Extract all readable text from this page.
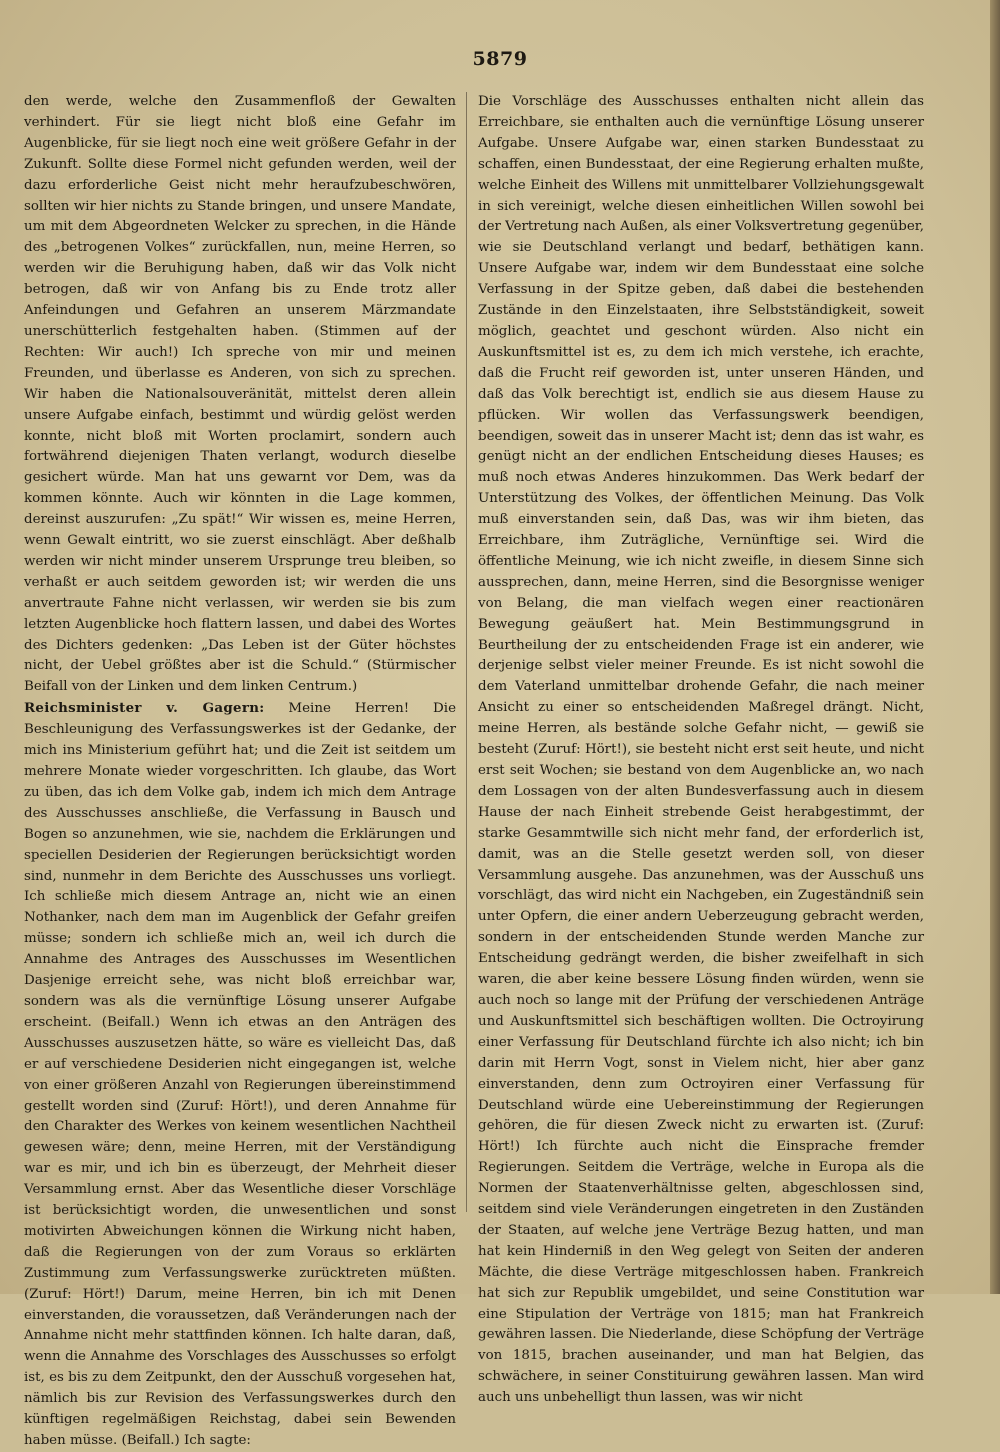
5879

den werde, welche den Zusammenfloß der Gewalten verhindert. Für sie liegt nicht bloß eine Gefahr im Augenblicke, für sie liegt noch eine weit größere Gefahr in der Zukunft. Sollte diese Formel nicht gefunden werden, weil der dazu erforderliche Geist nicht mehr heraufzubeschwören, sollten wir hier nichts zu Stande bringen, und unsere Mandate, um mit dem Abgeordneten Welcker zu sprechen, in die Hände des „betrogenen Volkes“ zurückfallen, nun, meine Herren, so werden wir die Beruhigung haben, daß wir das Volk nicht betrogen, daß wir von Anfang bis zu Ende trotz aller Anfeindungen und Gefahren an unserem Märzmandate unerschütterlich festgehalten haben. (Stimmen auf der Rechten: Wir auch!) Ich spreche von mir und meinen Freunden, und überlasse es Anderen, von sich zu sprechen. Wir haben die Nationalsouveränität, mittelst deren allein unsere Aufgabe einfach, bestimmt und würdig gelöst werden konnte, nicht bloß mit Worten proclamirt, sondern auch fortwährend diejenigen Thaten verlangt, wodurch dieselbe gesichert würde. Man hat uns gewarnt vor Dem, was da kommen könnte. Auch wir könnten in die Lage kommen, dereinst auszurufen: „Zu spät!“ Wir wissen es, meine Herren, wenn Gewalt eintritt, wo sie zuerst einschlägt. Aber deßhalb werden wir nicht minder unserem Ursprunge treu bleiben, so verhaßt er auch seitdem geworden ist; wir werden die uns anvertraute Fahne nicht verlassen, wir werden sie bis zum letzten Augenblicke hoch flattern lassen, und dabei des Wortes des Dichters gedenken: „Das Leben ist der Güter höchstes nicht, der Uebel größtes aber ist die Schuld.“ (Stürmischer Beifall von der Linken und dem linken Centrum.)

Reichsminister v. Gagern: Meine Herren! Die Beschleunigung des Verfassungswerkes ist der Gedanke, der mich ins Ministerium geführt hat; und die Zeit ist seitdem um mehrere Monate wieder vorgeschritten. Ich glaube, das Wort zu üben, das ich dem Volke gab, indem ich mich dem Antrage des Ausschusses anschließe, die Verfassung in Bausch und Bogen so anzunehmen, wie sie, nachdem die Erklärungen und speciellen Desiderien der Regierungen berücksichtigt worden sind, nunmehr in dem Berichte des Ausschusses uns vorliegt. Ich schließe mich diesem Antrage an, nicht wie an einen Nothanker, nach dem man im Augenblick der Gefahr greifen müsse; sondern ich schließe mich an, weil ich durch die Annahme des Antrages des Ausschusses im Wesentlichen Dasjenige erreicht sehe, was nicht bloß erreichbar war, sondern was als die vernünftige Lösung unserer Aufgabe erscheint. (Beifall.) Wenn ich etwas an den Anträgen des Ausschusses auszusetzen hätte, so wäre es vielleicht Das, daß er auf verschiedene Desiderien nicht eingegangen ist, welche von einer größeren Anzahl von Regierungen übereinstimmend gestellt worden sind (Zuruf: Hört!), und deren Annahme für den Charakter des Werkes von keinem wesentlichen Nachtheil gewesen wäre; denn, meine Herren, mit der Verständigung war es mir, und ich bin es überzeugt, der Mehrheit dieser Versammlung ernst. Aber das Wesentliche dieser Vorschläge ist berücksichtigt worden, die unwesentlichen und sonst motivirten Abweichungen können die Wirkung nicht haben, daß die Regierungen von der zum Voraus so erklärten Zustimmung zum Verfassungswerke zurücktreten müßten. (Zuruf: Hört!) Darum, meine Herren, bin ich mit Denen einverstanden, die voraussetzen, daß Veränderungen nach der Annahme nicht mehr stattfinden können. Ich halte daran, daß, wenn die Annahme des Vorschlages des Ausschusses so erfolgt ist, es bis zu dem Zeitpunkt, den der Ausschuß vorgesehen hat, nämlich bis zur Revision des Verfassungswerkes durch den künftigen regelmäßigen Reichstag, dabei sein Bewenden haben müsse. (Beifall.) Ich sagte:

Die Vorschläge des Ausschusses enthalten nicht allein das Erreichbare, sie enthalten auch die vernünftige Lösung unserer Aufgabe. Unsere Aufgabe war, einen starken Bundesstaat zu schaffen, einen Bundesstaat, der eine Regierung erhalten mußte, welche Einheit des Willens mit unmittelbarer Vollziehungsgewalt in sich vereinigt, welche diesen einheitlichen Willen sowohl bei der Vertretung nach Außen, als einer Volksvertretung gegenüber, wie sie Deutschland verlangt und bedarf, bethätigen kann. Unsere Aufgabe war, indem wir dem Bundesstaat eine solche Verfassung in der Spitze geben, daß dabei die bestehenden Zustände in den Einzelstaaten, ihre Selbstständigkeit, soweit möglich, geachtet und geschont würden. Also nicht ein Auskunftsmittel ist es, zu dem ich mich verstehe, ich erachte, daß die Frucht reif geworden ist, unter unseren Händen, und daß das Volk berechtigt ist, endlich sie aus diesem Hause zu pflücken. Wir wollen das Verfassungswerk beendigen, beendigen, soweit das in unserer Macht ist; denn das ist wahr, es genügt nicht an der endlichen Entscheidung dieses Hauses; es muß noch etwas Anderes hinzukommen. Das Werk bedarf der Unterstützung des Volkes, der öffentlichen Meinung. Das Volk muß einverstanden sein, daß Das, was wir ihm bieten, das Erreichbare, ihm Zuträgliche, Vernünftige sei. Wird die öffentliche Meinung, wie ich nicht zweifle, in diesem Sinne sich aussprechen, dann, meine Herren, sind die Besorgnisse weniger von Belang, die man vielfach wegen einer reactionären Bewegung geäußert hat. Mein Bestimmungsgrund in Beurtheilung der zu entscheidenden Frage ist ein anderer, wie derjenige selbst vieler meiner Freunde. Es ist nicht sowohl die dem Vaterland unmittelbar drohende Gefahr, die nach meiner Ansicht zu einer so entscheidenden Maßregel drängt. Nicht, meine Herren, als bestände solche Gefahr nicht, — gewiß sie besteht (Zuruf: Hört!), sie besteht nicht erst seit heute, und nicht erst seit Wochen; sie bestand von dem Augenblicke an, wo nach dem Lossagen von der alten Bundesverfassung auch in diesem Hause der nach Einheit strebende Geist herabgestimmt, der starke Gesammtwille sich nicht mehr fand, der erforderlich ist, damit, was an die Stelle gesetzt werden soll, von dieser Versammlung ausgehe. Das anzunehmen, was der Ausschuß uns vorschlägt, das wird nicht ein Nachgeben, ein Zugeständniß sein unter Opfern, die einer andern Ueberzeugung gebracht werden, sondern in der entscheidenden Stunde werden Manche zur Entscheidung gedrängt werden, die bisher zweifelhaft in sich waren, die aber keine bessere Lösung finden würden, wenn sie auch noch so lange mit der Prüfung der verschiedenen Anträge und Auskunftsmittel sich beschäftigen wollten. Die Octroyirung einer Verfassung für Deutschland fürchte ich also nicht; ich bin darin mit Herrn Vogt, sonst in Vielem nicht, hier aber ganz einverstanden, denn zum Octroyiren einer Verfassung für Deutschland würde eine Uebereinstimmung der Regierungen gehören, die für diesen Zweck nicht zu erwarten ist. (Zuruf: Hört!) Ich fürchte auch nicht die Einsprache fremder Regierungen. Seitdem die Verträge, welche in Europa als die Normen der Staatenverhältnisse gelten, abgeschlossen sind, seitdem sind viele Veränderungen eingetreten in den Zuständen der Staaten, auf welche jene Verträge Bezug hatten, und man hat kein Hinderniß in den Weg gelegt von Seiten der anderen Mächte, die diese Verträge mitgeschlossen haben. Frankreich hat sich zur Republik umgebildet, und seine Constitution war eine Stipulation der Verträge von 1815; man hat Frankreich gewähren lassen. Die Niederlande, diese Schöpfung der Verträge von 1815, brachen auseinander, und man hat Belgien, das schwächere, in seiner Constituirung gewähren lassen. Man wird auch uns unbehelligt thun lassen, was wir nicht
